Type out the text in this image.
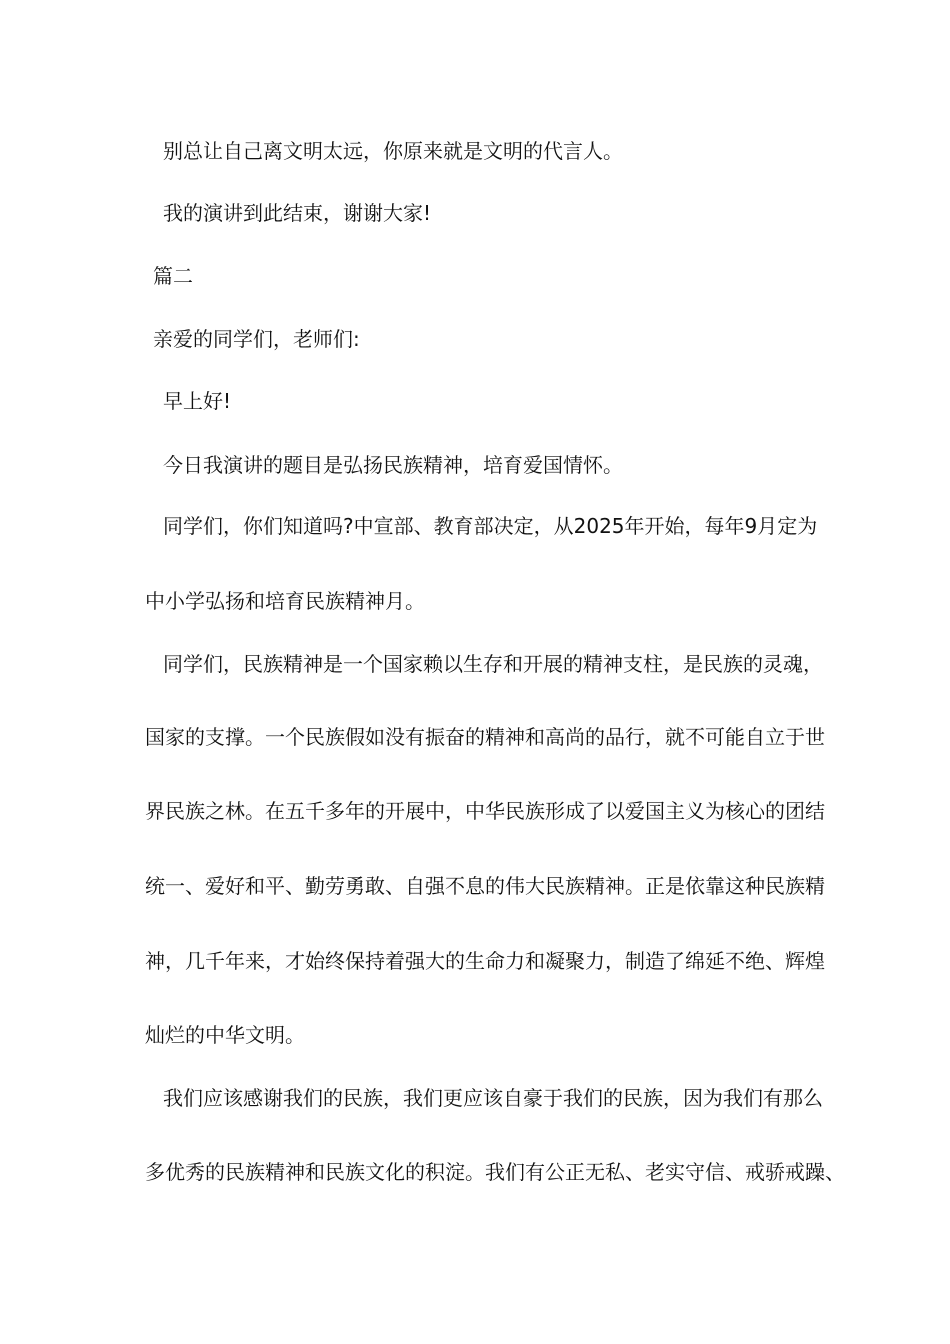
别总让自己离文明太远，你原来就是文明的代言人。

我的演讲到此结束，谢谢大家!

篇二

亲爱的同学们，老师们:

早上好!

今日我演讲的题目是弘扬民族精神，培育爱国情怀。

同学们，你们知道吗?中宣部、教育部决定，从2025年开始，每年9月定为

中小学弘扬和培育民族精神月。

同学们，民族精神是一个国家赖以生存和开展的精神支柱，是民族的灵魂，

国家的支撑。一个民族假如没有振奋的精神和高尚的品行，就不可能自立于世

界民族之林。在五千多年的开展中，中华民族形成了以爱国主义为核心的团结

统一、爱好和平、勤劳勇敢、自强不息的伟大民族精神。正是依靠这种民族精

神，几千年来，才始终保持着强大的生命力和凝聚力，制造了绵延不绝、辉煌

灿烂的中华文明。

我们应该感谢我们的民族，我们更应该自豪于我们的民族，因为我们有那么

多优秀的民族精神和民族文化的积淀。我们有公正无私、老实守信、戒骄戒躁、
